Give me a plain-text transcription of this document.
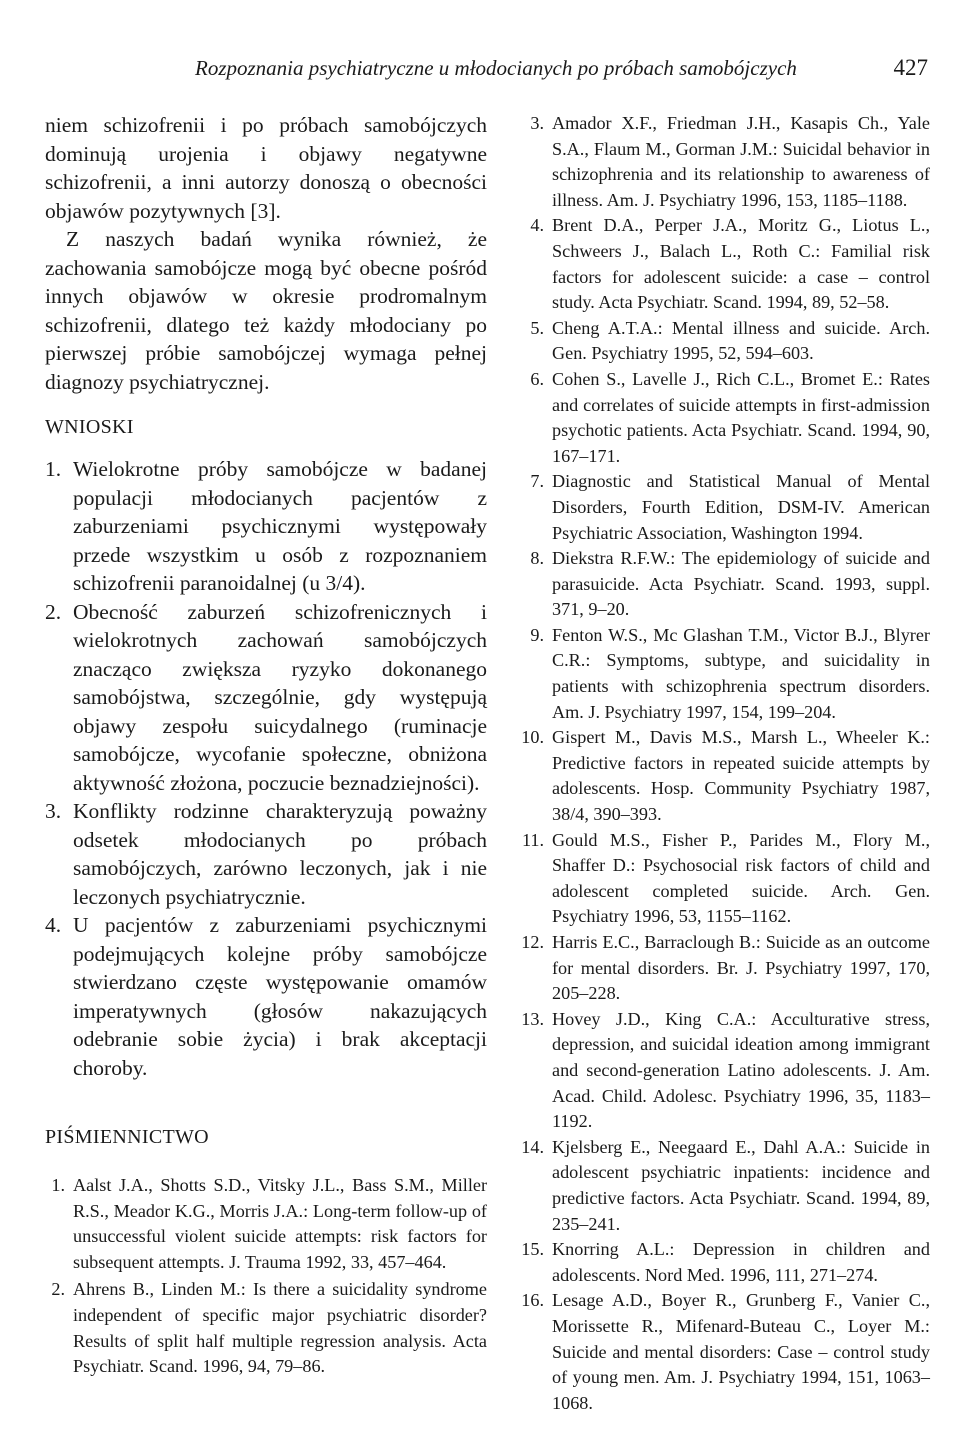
Rozpoznania psychiatryczne u młodocianych po próbach samobójczych	427

niem schizofrenii i po próbach samobójczych dominują urojenia i objawy negatywne schizofrenii, a inni autorzy donoszą o obecności objawów pozytywnych [3].

Z naszych badań wynika również, że zachowania samobójcze mogą być obecne pośród innych objawów w okresie prodromalnym schizofrenii, dlatego też każdy młodociany po pierwszej próbie samobójczej wymaga pełnej diagnozy psychiatrycznej.

WNIOSKI
1. Wielokrotne próby samobójcze w badanej populacji młodocianych pacjentów z zaburzeniami psychicznymi występowały przede wszystkim u osób z rozpoznaniem schizofrenii paranoidalnej (u 3/4).
2. Obecność zaburzeń schizofrenicznych i wielokrotnych zachowań samobójczych znacząco zwiększa ryzyko dokonanego samobójstwa, szczególnie, gdy występują objawy zespołu suicydalnego (ruminacje samobójcze, wycofanie społeczne, obniżona aktywność złożona, poczucie beznadziejności).
3. Konflikty rodzinne charakteryzują poważny odsetek młodocianych po próbach samobójczych, zarówno leczonych, jak i nie leczonych psychiatrycznie.
4. U pacjentów z zaburzeniami psychicznymi podejmujących kolejne próby samobójcze stwierdzano częste występowanie omamów imperatywnych (głosów nakazujących odebranie sobie życia) i brak akceptacji choroby.
PIŚMIENNICTWO
1. Aalst J.A., Shotts S.D., Vitsky J.L., Bass S.M., Miller R.S., Meador K.G., Morris J.A.: Long-term follow-up of unsuccessful violent suicide attempts: risk factors for subsequent attempts. J. Trauma 1992, 33, 457–464.
2. Ahrens B., Linden M.: Is there a suicidality syndrome independent of specific major psychiatric disorder? Results of split half multiple regression analysis. Acta Psychiatr. Scand. 1996, 94, 79–86.
3. Amador X.F., Friedman J.H., Kasapis Ch., Yale S.A., Flaum M., Gorman J.M.: Suicidal behavior in schizophrenia and its relationship to awareness of illness. Am. J. Psychiatry 1996, 153, 1185–1188.
4. Brent D.A., Perper J.A., Moritz G., Liotus L., Schweers J., Balach L., Roth C.: Familial risk factors for adolescent suicide: a case – control study. Acta Psychiatr. Scand. 1994, 89, 52–58.
5. Cheng A.T.A.: Mental illness and suicide. Arch. Gen. Psychiatry 1995, 52, 594–603.
6. Cohen S., Lavelle J., Rich C.L., Bromet E.: Rates and correlates of suicide attempts in first-admission psychotic patients. Acta Psychiatr. Scand. 1994, 90, 167–171.
7. Diagnostic and Statistical Manual of Mental Disorders, Fourth Edition, DSM-IV. American Psychiatric Association, Washington 1994.
8. Diekstra R.F.W.: The epidemiology of suicide and parasuicide. Acta Psychiatr. Scand. 1993, suppl. 371, 9–20.
9. Fenton W.S., Mc Glashan T.M., Victor B.J., Blyrer C.R.: Symptoms, subtype, and suicidality in patients with schizophrenia spectrum disorders. Am. J. Psychiatry 1997, 154, 199–204.
10. Gispert M., Davis M.S., Marsh L., Wheeler K.: Predictive factors in repeated suicide attempts by adolescents. Hosp. Community Psychiatry 1987, 38/4, 390–393.
11. Gould M.S., Fisher P., Parides M., Flory M., Shaffer D.: Psychosocial risk factors of child and adolescent completed suicide. Arch. Gen. Psychiatry 1996, 53, 1155–1162.
12. Harris E.C., Barraclough B.: Suicide as an outcome for mental disorders. Br. J. Psychiatry 1997, 170, 205–228.
13. Hovey J.D., King C.A.: Acculturative stress, depression, and suicidal ideation among immigrant and second-generation Latino adolescents. J. Am. Acad. Child. Adolesc. Psychiatry 1996, 35, 1183–1192.
14. Kjelsberg E., Neegaard E., Dahl A.A.: Suicide in adolescent psychiatric inpatients: incidence and predictive factors. Acta Psychiatr. Scand. 1994, 89, 235–241.
15. Knorring A.L.: Depression in children and adolescents. Nord Med. 1996, 111, 271–274.
16. Lesage A.D., Boyer R., Grunberg F., Vanier C., Morissette R., Mifenard-Buteau C., Loyer M.: Suicide and mental disorders: Case – control study of young men. Am. J. Psychiatry 1994, 151, 1063–1068.
